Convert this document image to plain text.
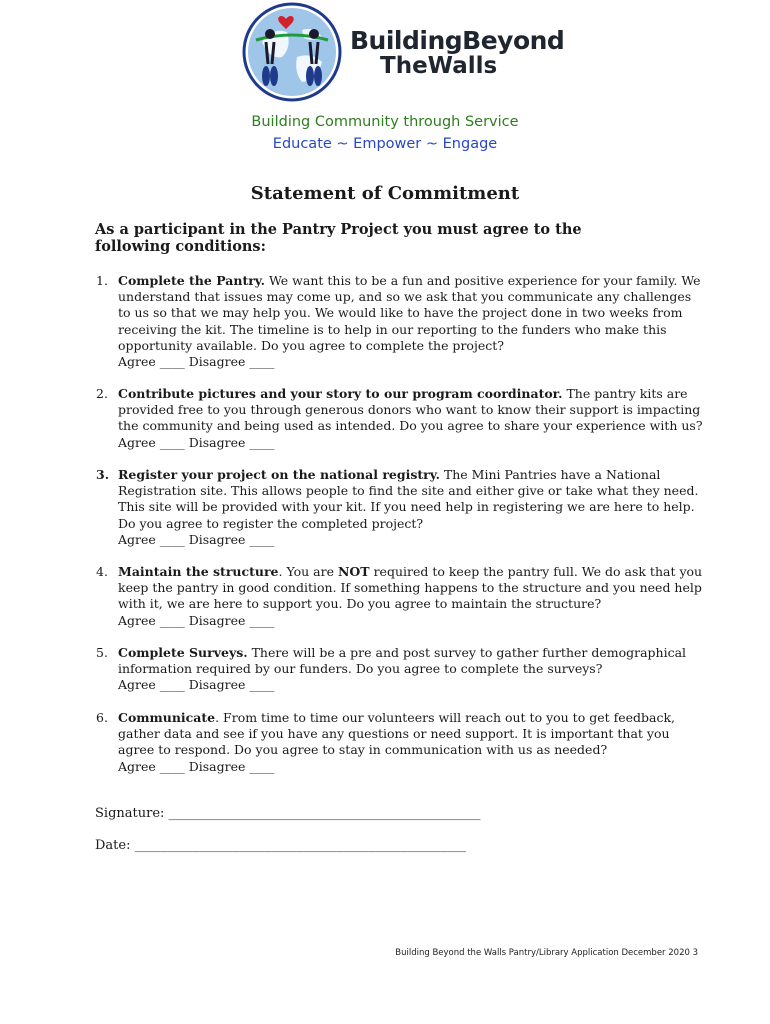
BuildingBeyond
TheWalls
Building Community through Service
Educate ~ Empower ~ Engage
Statement of Commitment
As a participant in the Pantry Project you must agree to the following conditions:
1. Complete the Pantry. We want this to be a fun and positive experience for your family. We understand that issues may come up, and so we ask that you communicate any challenges to us so that we may help you. We would like to have the project done in two weeks from receiving the kit. The timeline is to help in our reporting to the funders who make this opportunity available. Do you agree to complete the project?
Agree ____ Disagree ____
2. Contribute pictures and your story to our program coordinator. The pantry kits are provided free to you through generous donors who want to know their support is impacting the community and being used as intended. Do you agree to share your experience with us?
Agree ____ Disagree ____
3. Register your project on the national registry. The Mini Pantries have a National Registration site. This allows people to find the site and either give or take what they need. This site will be provided with your kit. If you need help in registering we are here to help. Do you agree to register the completed project?
Agree ____ Disagree ____
4. Maintain the structure. You are NOT required to keep the pantry full. We do ask that you keep the pantry in good condition. If something happens to the structure and you need help with it, we are here to support you. Do you agree to maintain the structure?
Agree ____ Disagree ____
5. Complete Surveys. There will be a pre and post survey to gather further demographical information required by our funders. Do you agree to complete the surveys?
Agree ____ Disagree ____
6. Communicate. From time to time our volunteers will reach out to you to get feedback, gather data and see if you have any questions or need support. It is important that you agree to respond. Do you agree to stay in communication with us as needed?
Agree ____ Disagree ____
Signature: ________________________________________________
Date: ___________________________________________________
Building Beyond the Walls Pantry/Library Application December 2020 3
